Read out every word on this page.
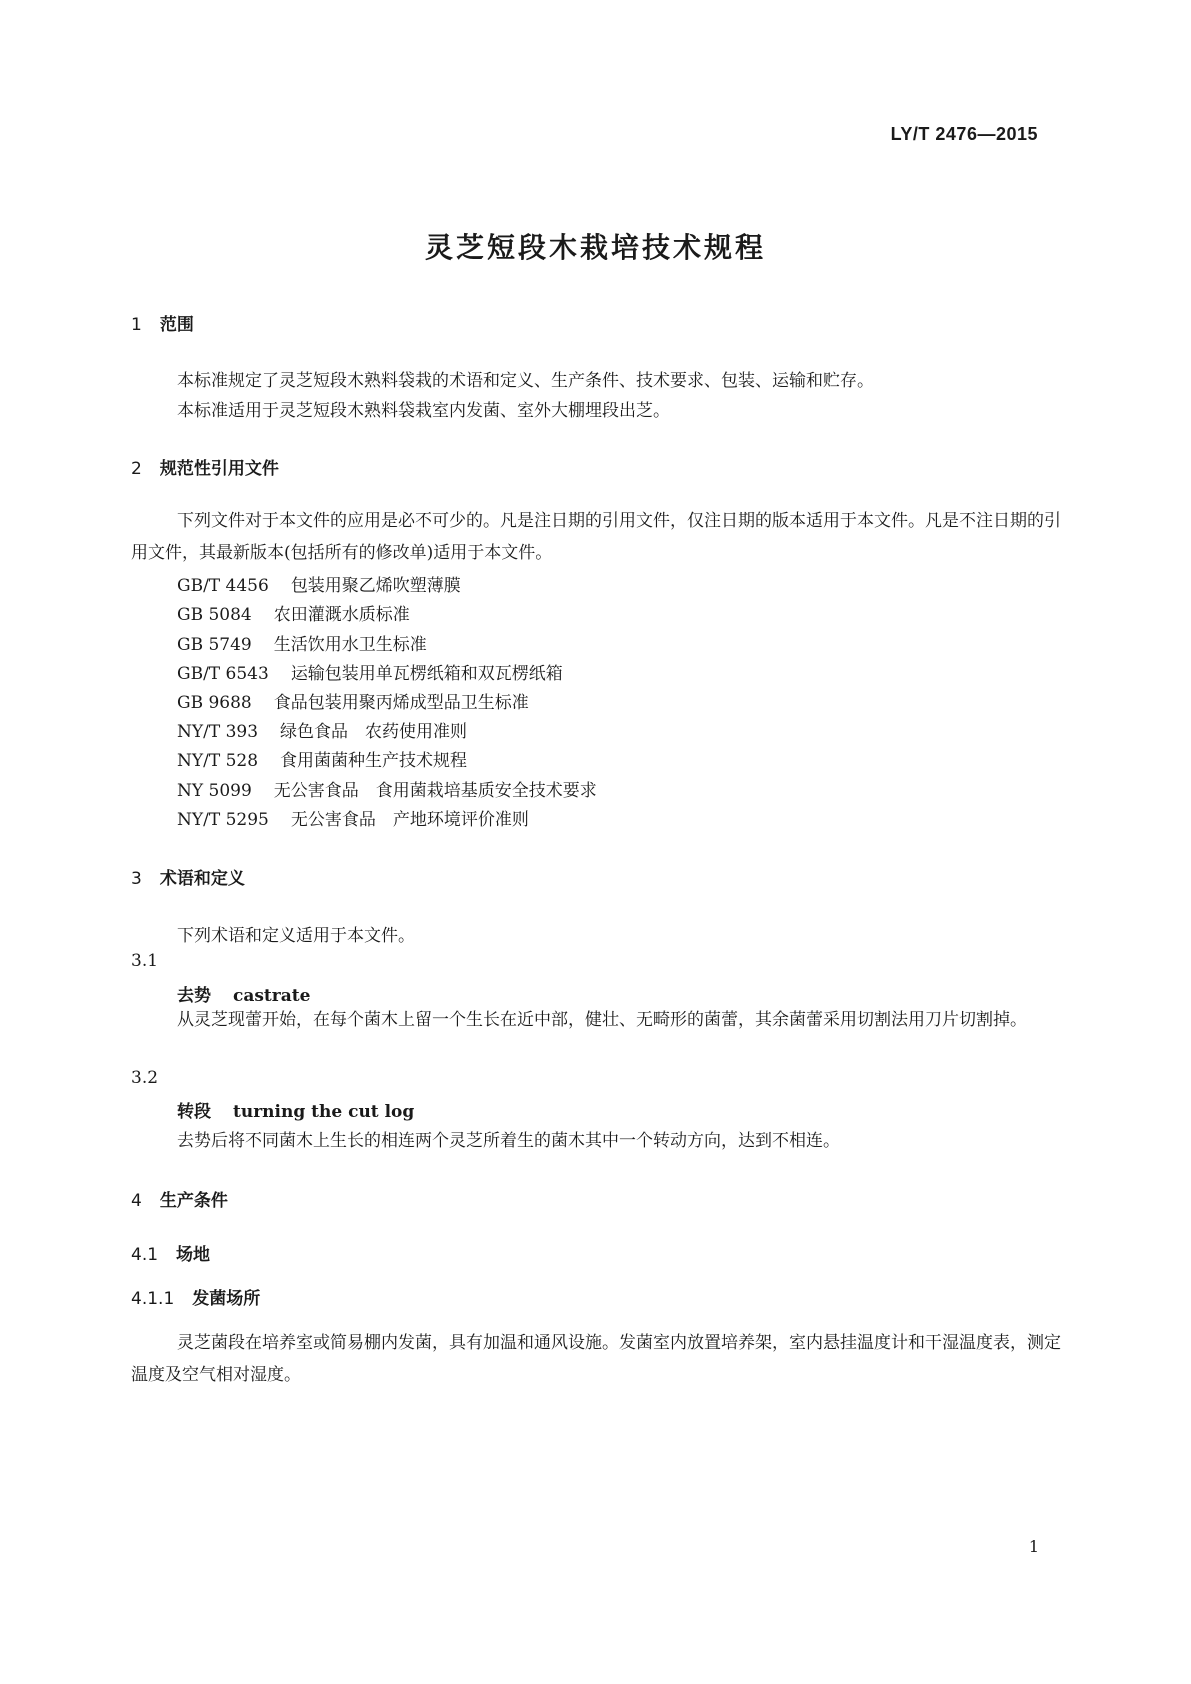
LY/T 2476—2015
灵芝短段木栽培技术规程
1 范围
本标准规定了灵芝短段木熟料袋栽的术语和定义、生产条件、技术要求、包装、运输和贮存。
本标准适用于灵芝短段木熟料袋栽室内发菌、室外大棚埋段出芝。
2 规范性引用文件
下列文件对于本文件的应用是必不可少的。凡是注日期的引用文件，仅注日期的版本适用于本文件。凡是不注日期的引用文件，其最新版本(包括所有的修改单)适用于本文件。
GB/T 4456 包装用聚乙烯吹塑薄膜
GB 5084 农田灌溉水质标准
GB 5749 生活饮用水卫生标准
GB/T 6543 运输包装用单瓦楞纸箱和双瓦楞纸箱
GB 9688 食品包装用聚丙烯成型品卫生标准
NY/T 393 绿色食品　农药使用准则
NY/T 528 食用菌菌种生产技术规程
NY 5099 无公害食品　食用菌栽培基质安全技术要求
NY/T 5295 无公害食品　产地环境评价准则
3 术语和定义
下列术语和定义适用于本文件。
3.1
去势 castrate
从灵芝现蕾开始，在每个菌木上留一个生长在近中部，健壮、无畸形的菌蕾，其余菌蕾采用切割法用刀片切割掉。
3.2
转段 turning the cut log
去势后将不同菌木上生长的相连两个灵芝所着生的菌木其中一个转动方向，达到不相连。
4 生产条件
4.1 场地
4.1.1 发菌场所
灵芝菌段在培养室或简易棚内发菌，具有加温和通风设施。发菌室内放置培养架，室内悬挂温度计和干湿温度表，测定温度及空气相对湿度。
1
